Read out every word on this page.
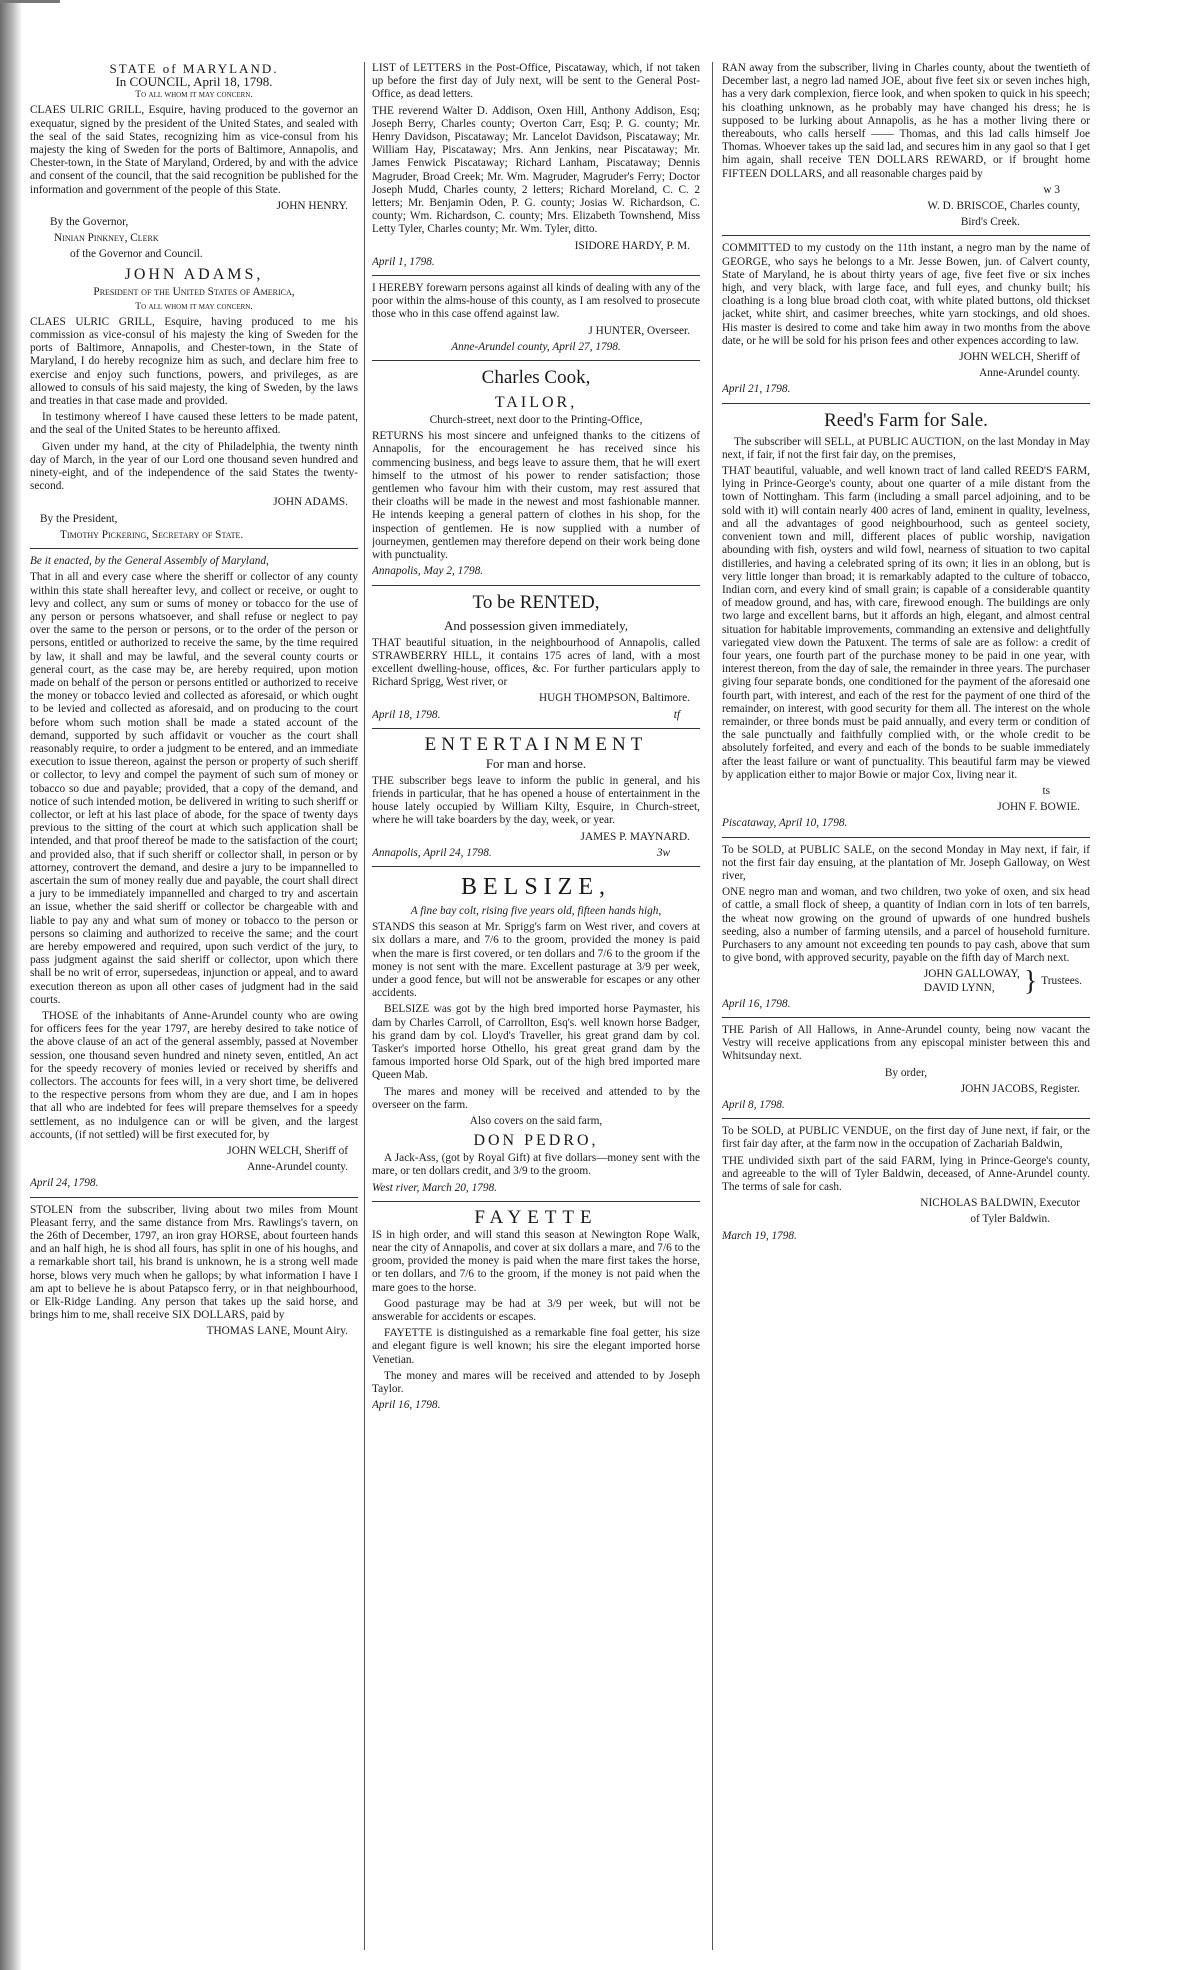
STATE of MARYLAND.

In COUNCIL, April 18, 1798.

To all whom it may concern.

CLAES ULRIC GRILL, Esquire, having produced to the governor an exequatur, signed by the president of the United States, and sealed with the seal of the said States, recognizing him as vice-consul from his majesty the king of Sweden for the ports of Baltimore, Annapolis, and Chester-town, in the State of Maryland, Ordered, by and with the advice and consent of the council, that the said recognition be published for the information and government of the people of this State.

JOHN HENRY.

By the Governor,

Ninian Pinkney, Clerk

of the Governor and Council.

JOHN ADAMS,

President of the United States of America,

To all whom it may concern.

CLAES ULRIC GRILL, Esquire, having produced to me his commission as vice-consul of his majesty the king of Sweden for the ports of Baltimore, Annapolis, and Chester-town, in the State of Maryland, I do hereby recognize him as such, and declare him free to exercise and enjoy such functions, powers, and privileges, as are allowed to consuls of his said majesty, the king of Sweden, by the laws and treaties in that case made and provided.

In testimony whereof I have caused these letters to be made patent, and the seal of the United States to be hereunto affixed.

Given under my hand, at the city of Philadelphia, the twenty ninth day of March, in the year of our Lord one thousand seven hundred and ninety-eight, and of the independence of the said States the twenty-second.

JOHN ADAMS.

By the President,

Timothy Pickering, Secretary of State.

Be it enacted, by the General Assembly of Maryland,

That in all and every case where the sheriff or collector of any county within this state shall hereafter levy, and collect or receive, or ought to levy and collect, any sum or sums of money or tobacco for the use of any person or persons whatsoever, and shall refuse or neglect to pay over the same to the person or persons, or to the order of the person or persons, entitled or authorized to receive the same, by the time required by law, it shall and may be lawful, and the several county courts or general court, as the case may be, are hereby required, upon motion made on behalf of the person or persons entitled or authorized to receive the money or tobacco levied and collected as aforesaid, or which ought to be levied and collected as aforesaid, and on producing to the court before whom such motion shall be made a stated account of the demand, supported by such affidavit or voucher as the court shall reasonably require, to order a judgment to be entered, and an immediate execution to issue thereon, against the person or property of such sheriff or collector, to levy and compel the payment of such sum of money or tobacco so due and payable; provided, that a copy of the demand, and notice of such intended motion, be delivered in writing to such sheriff or collector, or left at his last place of abode, for the space of twenty days previous to the sitting of the court at which such application shall be intended, and that proof thereof be made to the satisfaction of the court; and provided also, that if such sheriff or collector shall, in person or by attorney, controvert the demand, and desire a jury to be impannelled to ascertain the sum of money really due and payable, the court shall direct a jury to be immediately impannelled and charged to try and ascertain an issue, whether the said sheriff or collector be chargeable with and liable to pay any and what sum of money or tobacco to the person or persons so claiming and authorized to receive the same; and the court are hereby empowered and required, upon such verdict of the jury, to pass judgment against the said sheriff or collector, upon which there shall be no writ of error, supersedeas, injunction or appeal, and to award execution thereon as upon all other cases of judgment had in the said courts.

THOSE of the inhabitants of Anne-Arundel county who are owing for officers fees for the year 1797, are hereby desired to take notice of the above clause of an act of the general assembly, passed at November session, one thousand seven hundred and ninety seven, entitled, An act for the speedy recovery of monies levied or received by sheriffs and collectors. The accounts for fees will, in a very short time, be delivered to the respective persons from whom they are due, and I am in hopes that all who are indebted for fees will prepare themselves for a speedy settlement, as no indulgence can or will be given, and the largest accounts, (if not settled) will be first executed for, by

JOHN WELCH, Sheriff of

Anne-Arundel county.

April 24, 1798.

STOLEN from the subscriber, living about two miles from Mount Pleasant ferry, and the same distance from Mrs. Rawlings's tavern, on the 26th of December, 1797, an iron gray HORSE, about fourteen hands and an half high, he is shod all fours, has split in one of his houghs, and a remarkable short tail, his brand is unknown, he is a strong well made horse, blows very much when he gallops; by what information I have I am apt to believe he is about Patapsco ferry, or in that neighbourhood, or Elk-Ridge Landing. Any person that takes up the said horse, and brings him to me, shall receive SIX DOLLARS, paid by

THOMAS LANE, Mount Airy.

LIST of LETTERS in the Post-Office, Piscataway, which, if not taken up before the first day of July next, will be sent to the General Post-Office, as dead letters.

THE reverend Walter D. Addison, Oxen Hill, Anthony Addison, Esq; Joseph Berry, Charles county; Overton Carr, Esq; P. G. county; Mr. Henry Davidson, Piscataway; Mr. Lancelot Davidson, Piscataway; Mr. William Hay, Piscataway; Mrs. Ann Jenkins, near Piscataway; Mr. James Fenwick Piscataway; Richard Lanham, Piscataway; Dennis Magruder, Broad Creek; Mr. Wm. Magruder, Magruder's Ferry; Doctor Joseph Mudd, Charles county, 2 letters; Richard Moreland, C. C. 2 letters; Mr. Benjamin Oden, P. G. county; Josias W. Richardson, C. county; Wm. Richardson, C. county; Mrs. Elizabeth Townshend, Miss Letty Tyler, Charles county; Mr. Wm. Tyler, ditto.

ISIDORE HARDY, P. M.

April 1, 1798.

I HEREBY forewarn persons against all kinds of dealing with any of the poor within the alms-house of this county, as I am resolved to prosecute those who in this case offend against law.

J HUNTER, Overseer.

Anne-Arundel county, April 27, 1798.

Charles Cook,

TAILOR,

Church-street, next door to the Printing-Office,

RETURNS his most sincere and unfeigned thanks to the citizens of Annapolis, for the encouragement he has received since his commencing business, and begs leave to assure them, that he will exert himself to the utmost of his power to render satisfaction; those gentlemen who favour him with their custom, may rest assured that their cloaths will be made in the newest and most fashionable manner. He intends keeping a general pattern of clothes in his shop, for the inspection of gentlemen. He is now supplied with a number of journeymen, gentlemen may therefore depend on their work being done with punctuality.

Annapolis, May 2, 1798.

To be RENTED,

And possession given immediately,

THAT beautiful situation, in the neighbourhood of Annapolis, called STRAWBERRY HILL, it contains 175 acres of land, with a most excellent dwelling-house, offices, &c. For further particulars apply to Richard Sprigg, West river, or

HUGH THOMPSON, Baltimore.

April 18, 1798.	tf

ENTERTAINMENT

For man and horse.

THE subscriber begs leave to inform the public in general, and his friends in particular, that he has opened a house of entertainment in the house lately occupied by William Kilty, Esquire, in Church-street, where he will take boarders by the day, week, or year.

JAMES P. MAYNARD.

Annapolis, April 24, 1798.	3w

BELSIZE,

A fine bay colt, rising five years old, fifteen hands high,

STANDS this season at Mr. Sprigg's farm on West river, and covers at six dollars a mare, and 7/6 to the groom, provided the money is paid when the mare is first covered, or ten dollars and 7/6 to the groom if the money is not sent with the mare. Excellent pasturage at 3/9 per week, under a good fence, but will not be answerable for escapes or any other accidents.

BELSIZE was got by the high bred imported horse Paymaster, his dam by Charles Carroll, of Carrollton, Esq's. well known horse Badger, his grand dam by col. Lloyd's Traveller, his great grand dam by col. Tasker's imported horse Othello, his great great grand dam by the famous imported horse Old Spark, out of the high bred imported mare Queen Mab.

The mares and money will be received and attended to by the overseer on the farm.

Also covers on the said farm,

DON PEDRO,

A Jack-Ass, (got by Royal Gift) at five dollars—money sent with the mare, or ten dollars credit, and 3/9 to the groom.

West river, March 20, 1798.

FAYETTE

IS in high order, and will stand this season at Newington Rope Walk, near the city of Annapolis, and cover at six dollars a mare, and 7/6 to the groom, provided the money is paid when the mare first takes the horse, or ten dollars, and 7/6 to the groom, if the money is not paid when the mare goes to the horse.

Good pasturage may be had at 3/9 per week, but will not be answerable for accidents or escapes.

FAYETTE is distinguished as a remarkable fine foal getter, his size and elegant figure is well known; his sire the elegant imported horse Venetian.

The money and mares will be received and attended to by Joseph Taylor.

April 16, 1798.

RAN away from the subscriber, living in Charles county, about the twentieth of December last, a negro lad named JOE, about five feet six or seven inches high, has a very dark complexion, fierce look, and when spoken to quick in his speech; his cloathing unknown, as he probably may have changed his dress; he is supposed to be lurking about Annapolis, as he has a mother living there or thereabouts, who calls herself —— Thomas, and this lad calls himself Joe Thomas. Whoever takes up the said lad, and secures him in any gaol so that I get him again, shall receive TEN DOLLARS REWARD, or if brought home FIFTEEN DOLLARS, and all reasonable charges paid by

w 3

W. D. BRISCOE, Charles county,

Bird's Creek.

COMMITTED to my custody on the 11th instant, a negro man by the name of GEORGE, who says he belongs to a Mr. Jesse Bowen, jun. of Calvert county, State of Maryland, he is about thirty years of age, five feet five or six inches high, and very black, with large face, and full eyes, and chunky built; his cloathing is a long blue broad cloth coat, with white plated buttons, old thickset jacket, white shirt, and casimer breeches, white yarn stockings, and old shoes. His master is desired to come and take him away in two months from the above date, or he will be sold for his prison fees and other expences according to law.

JOHN WELCH, Sheriff of

Anne-Arundel county.

April 21, 1798.

Reed's Farm for Sale.

The subscriber will SELL, at PUBLIC AUCTION, on the last Monday in May next, if fair, if not the first fair day, on the premises,

THAT beautiful, valuable, and well known tract of land called REED'S FARM, lying in Prince-George's county, about one quarter of a mile distant from the town of Nottingham. This farm (including a small parcel adjoining, and to be sold with it) will contain nearly 400 acres of land, eminent in quality, levelness, and all the advantages of good neighbourhood, such as genteel society, convenient town and mill, different places of public worship, navigation abounding with fish, oysters and wild fowl, nearness of situation to two capital distilleries, and having a celebrated spring of its own; it lies in an oblong, but is very little longer than broad; it is remarkably adapted to the culture of tobacco, Indian corn, and every kind of small grain; is capable of a considerable quantity of meadow ground, and has, with care, firewood enough. The buildings are only two large and excellent barns, but it affords an high, elegant, and almost central situation for habitable improvements, commanding an extensive and delightfully variegated view down the Patuxent. The terms of sale are as follow: a credit of four years, one fourth part of the purchase money to be paid in one year, with interest thereon, from the day of sale, the remainder in three years. The purchaser giving four separate bonds, one conditioned for the payment of the aforesaid one fourth part, with interest, and each of the rest for the payment of one third of the remainder, on interest, with good security for them all. The interest on the whole remainder, or three bonds must be paid annually, and every term or condition of the sale punctually and faithfully complied with, or the whole credit to be absolutely forfeited, and every and each of the bonds to be suable immediately after the least failure or want of punctuality. This beautiful farm may be viewed by application either to major Bowie or major Cox, living near it.

ts

JOHN F. BOWIE.

Piscataway, April 10, 1798.

To be SOLD, at PUBLIC SALE, on the second Monday in May next, if fair, if not the first fair day ensuing, at the plantation of Mr. Joseph Galloway, on West river,

ONE negro man and woman, and two children, two yoke of oxen, and six head of cattle, a small flock of sheep, a quantity of Indian corn in lots of ten barrels, the wheat now growing on the ground of upwards of one hundred bushels seeding, also a number of farming utensils, and a parcel of household furniture. Purchasers to any amount not exceeding ten pounds to pay cash, above that sum to give bond, with approved security, payable on the fifth day of March next.

JOHN GALLOWAY,
DAVID LYNN,	} Trustees.

April 16, 1798.

THE Parish of All Hallows, in Anne-Arundel county, being now vacant the Vestry will receive applications from any episcopal minister between this and Whitsunday next.

By order,

JOHN JACOBS, Register.

April 8, 1798.

To be SOLD, at PUBLIC VENDUE, on the first day of June next, if fair, or the first fair day after, at the farm now in the occupation of Zachariah Baldwin,

THE undivided sixth part of the said FARM, lying in Prince-George's county, and agreeable to the will of Tyler Baldwin, deceased, of Anne-Arundel county. The terms of sale for cash.

NICHOLAS BALDWIN, Executor

of Tyler Baldwin.

March 19, 1798.
